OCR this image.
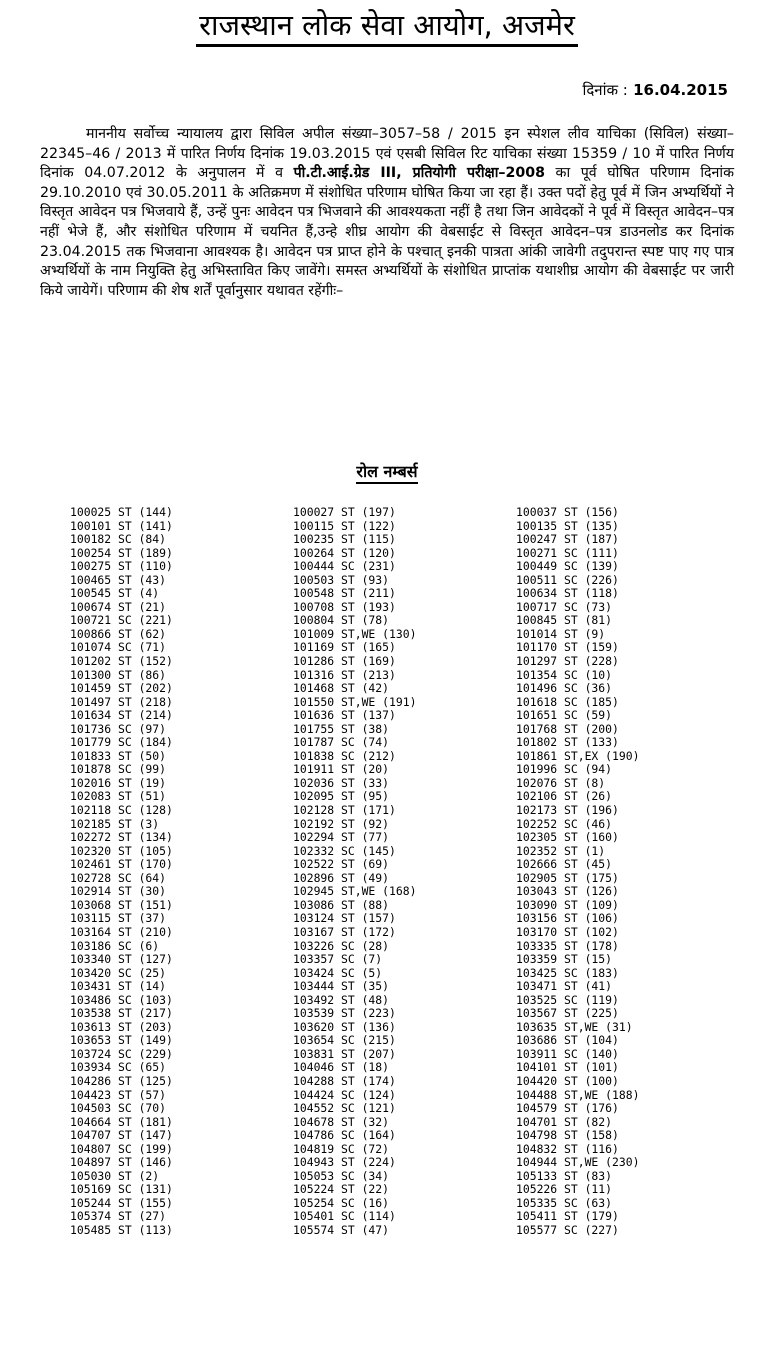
राजस्थान लोक सेवा आयोग, अजमेर
दिनांक : 16.04.2015

माननीय सर्वोच्च न्यायालय द्वारा सिविल अपील संख्या–3057–58 / 2015 इन स्पेशल लीव याचिका (सिविल) संख्या–22345–46 / 2013 में पारित निर्णय दिनांक 19.03.2015 एवं एसबी सिविल रिट याचिका संख्या 15359 / 10 में पारित निर्णय दिनांक 04.07.2012 के अनुपालन में व पी.टी.आई.ग्रेड III, प्रतियोगी परीक्षा–2008 का पूर्व घोषित परिणाम दिनांक 29.10.2010 एवं 30.05.2011 के अतिक्रमण में संशोधित परिणाम घोषित किया जा रहा हैं। उक्त पदों हेतु पूर्व में जिन अभ्यर्थियों ने विस्तृत आवेदन पत्र भिजवाये हैं, उन्हें पुनः आवेदन पत्र भिजवाने की आवश्यकता नहीं है तथा जिन आवेदकों ने पूर्व में विस्तृत आवेदन–पत्र नहीं भेजे हैं, और संशोधित परिणाम में चयनित हैं,उन्हे शीघ्र आयोग की वेबसाईट से विस्तृत आवेदन–पत्र डाउनलोड कर दिनांक 23.04.2015 तक भिजवाना आवश्यक है। आवेदन पत्र प्राप्त होने के पश्चात् इनकी पात्रता आंकी जावेगी तदुपरान्त स्पष्ट पाए गए पात्र अभ्यर्थियों के नाम नियुक्ति हेतु अभिस्तावित किए जावेंगे। समस्त अभ्यर्थियों के संशोधित प्राप्तांक यथाशीघ्र आयोग की वेबसाईट पर जारी किये जायेगें। परिणाम की शेष शर्तें पूर्वानुसार यथावत रहेंगीः–

रोल नम्बर्स
100025 ST (144)
100101 ST (141)
100182 SC (84)
100254 ST (189)
100275 ST (110)
100465 ST (43)
100545 ST (4)
100674 ST (21)
100721 SC (221)
100866 ST (62)
101074 SC (71)
101202 ST (152)
101300 ST (86)
101459 ST (202)
101497 ST (218)
101634 ST (214)
101736 SC (97)
101779 SC (184)
101833 ST (50)
101878 SC (99)
102016 ST (19)
102083 ST (51)
102118 SC (128)
102185 ST (3)
102272 ST (134)
102320 ST (105)
102461 ST (170)
102728 SC (64)
102914 ST (30)
103068 ST (151)
103115 ST (37)
103164 ST (210)
103186 SC (6)
103340 ST (127)
103420 SC (25)
103431 ST (14)
103486 SC (103)
103538 ST (217)
103613 ST (203)
103653 ST (149)
103724 SC (229)
103934 SC (65)
104286 ST (125)
104423 ST (57)
104503 SC (70)
104664 ST (181)
104707 ST (147)
104807 SC (199)
104897 ST (146)
105030 ST (2)
105169 SC (131)
105244 ST (155)
105374 ST (27)
105485 ST (113)
100027 ST (197)
100115 ST (122)
100235 ST (115)
100264 ST (120)
100444 SC (231)
100503 ST (93)
100548 ST (211)
100708 ST (193)
100804 ST (78)
101009 ST,WE (130)
101169 ST (165)
101286 ST (169)
101316 ST (213)
101468 ST (42)
101550 ST,WE (191)
101636 ST (137)
101755 ST (38)
101787 SC (74)
101838 SC (212)
101911 ST (20)
102036 ST (33)
102095 ST (95)
102128 ST (171)
102192 ST (92)
102294 ST (77)
102332 SC (145)
102522 ST (69)
102896 ST (49)
102945 ST,WE (168)
103086 ST (88)
103124 ST (157)
103167 ST (172)
103226 SC (28)
103357 SC (7)
103424 SC (5)
103444 ST (35)
103492 ST (48)
103539 ST (223)
103620 ST (136)
103654 SC (215)
103831 ST (207)
104046 ST (18)
104288 ST (174)
104424 SC (124)
104552 SC (121)
104678 ST (32)
104786 SC (164)
104819 SC (72)
104943 ST (224)
105053 SC (34)
105224 ST (22)
105254 SC (16)
105401 SC (114)
105574 ST (47)
100037 ST (156)
100135 ST (135)
100247 ST (187)
100271 SC (111)
100449 SC (139)
100511 SC (226)
100634 ST (118)
100717 SC (73)
100845 ST (81)
101014 ST (9)
101170 ST (159)
101297 ST (228)
101354 SC (10)
101496 SC (36)
101618 SC (185)
101651 SC (59)
101768 ST (200)
101802 ST (133)
101861 ST,EX (190)
101996 SC (94)
102076 ST (8)
102106 ST (26)
102173 ST (196)
102252 SC (46)
102305 ST (160)
102352 ST (1)
102666 ST (45)
102905 ST (175)
103043 ST (126)
103090 ST (109)
103156 ST (106)
103170 ST (102)
103335 ST (178)
103359 ST (15)
103425 SC (183)
103471 ST (41)
103525 SC (119)
103567 ST (225)
103635 ST,WE (31)
103686 ST (104)
103911 SC (140)
104101 ST (101)
104420 ST (100)
104488 ST,WE (188)
104579 ST (176)
104701 ST (82)
104798 ST (158)
104832 ST (116)
104944 ST,WE (230)
105133 ST (83)
105226 ST (11)
105335 SC (63)
105411 ST (179)
105577 SC (227)
